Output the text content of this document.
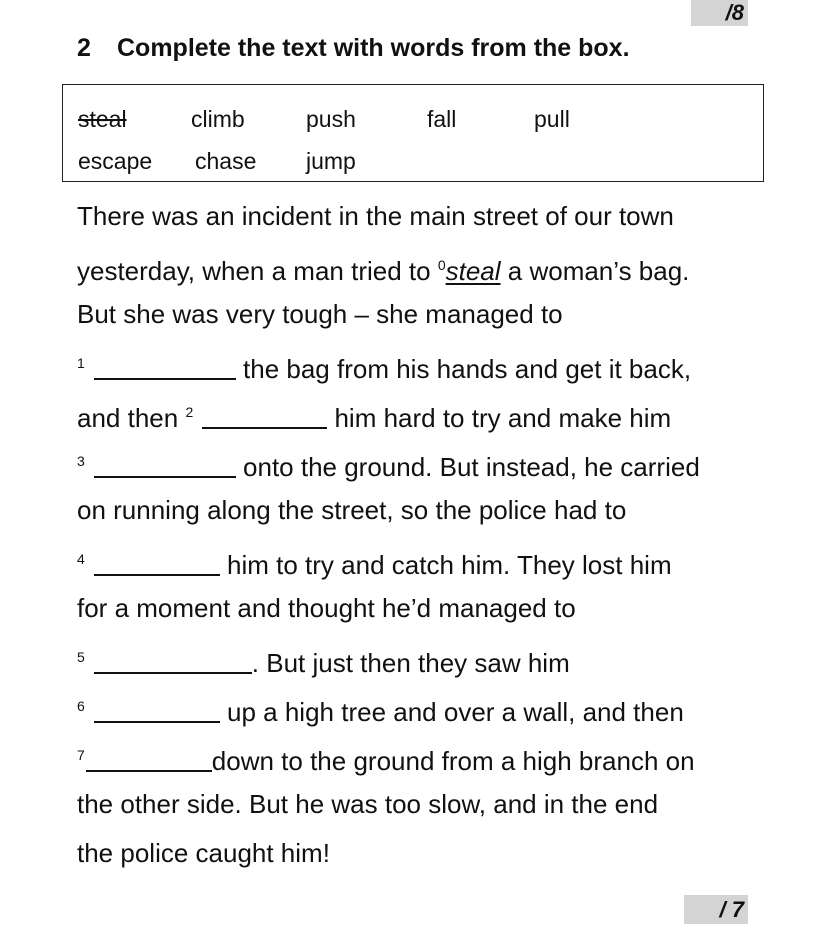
/8
2 Complete the text with words from the box.
steal	climb	push	fall	pull
escape chase jump
There was an incident in the main street of our town
yesterday, when a man tried to $^0$steal a woman’s bag.
But she was very tough – she managed to
$^1$	the bag from his hands and get it back,
and then $^2$	him hard to try and make him
$^3$	onto the ground. But instead, he carried
on running along the street, so the police had to
$^4$	him to try and catch him. They lost him
for a moment and thought he’d managed to
$^5$	. But just then they saw him
$^6$	up a high tree and over a wall, and then
$^7$	down to the ground from a high branch on
the other side. But he was too slow, and in the end
the police caught him!
/ 7
